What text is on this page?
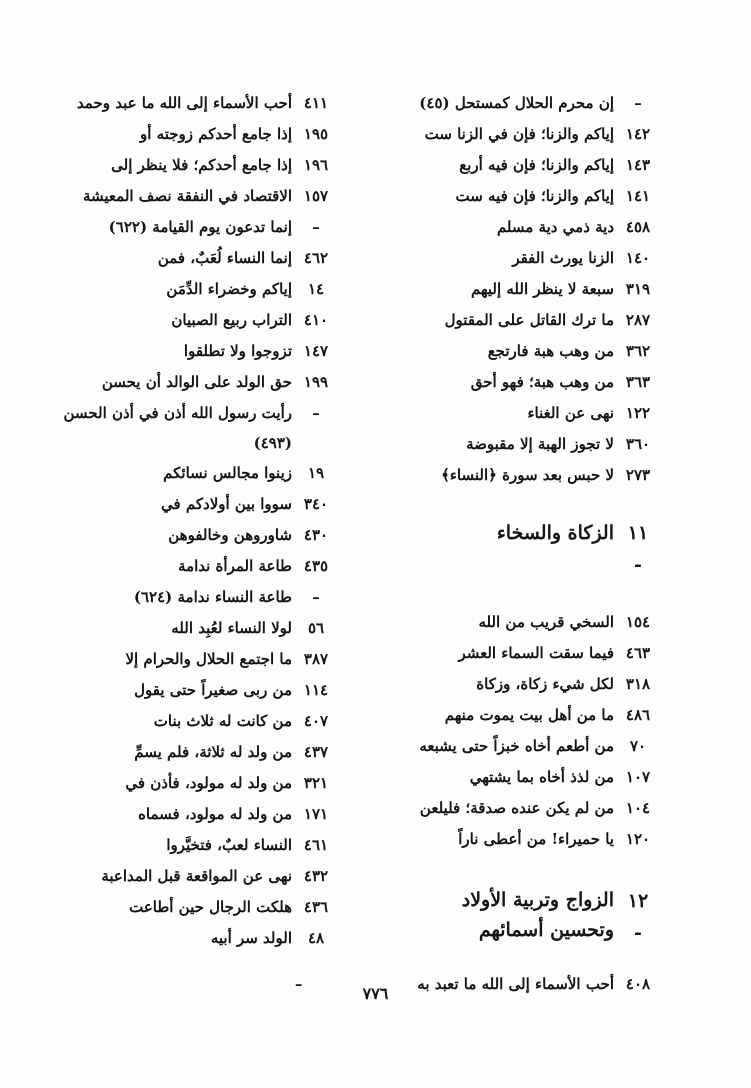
–
إن محرم الحلال كمستحل (٤٥)
١٤٢
إياكم والزنا؛ فإن في الزنا ست
١٤٣
إياكم والزنا؛ فإن فيه أربع
١٤١
إياكم والزنا؛ فإن فيه ست
٤٥٨
دية ذمي دية مسلم
١٤٠
الزنا يورث الفقر
٣١٩
سبعة لا ينظر الله إليهم
٢٨٧
ما ترك القاتل على المقتول
٣٦٢
من وهب هبة فارتجع
٣٦٣
من وهب هبة؛ فهو أحق
١٢٢
نهى عن الغناء
٣٦٠
لا تجوز الهبة إلا مقبوضة
٢٧٣
لا حبس بعد سورة ﴿النساء﴾
١١ -
الزكاة والسخاء
١٥٤
السخي قريب من الله
٤٦٣
فيما سقت السماء العشر
٣١٨
لكل شيء زكاة، وزكاة
٤٨٦
ما من أهل بيت يموت منهم
٧٠
من أطعم أخاه خبزاً حتى يشبعه
١٠٧
من لذذ أخاه بما يشتهي
١٠٤
من لم يكن عنده صدقة؛ فليلعن
١٢٠
يا حميراء! من أعطى ناراً
١٢ -
الزواج وتربية الأولاد وتحسين أسمائهم
٤٠٨
أحب الأسماء إلى الله ما تعبد به
–
٤١١
أحب الأسماء إلى الله ما عبد وحمد
١٩٥
إذا جامع أحدكم زوجته أو
١٩٦
إذا جامع أحدكم؛ فلا ينظر إلى
١٥٧
الاقتصاد في النفقة نصف المعيشة
–
إنما تدعون يوم القيامة (٦٢٢)
٤٦٢
إنما النساء لُعَبٌ، فمن
١٤
إياكم وخضراء الدِّمَن
٤١٠
التراب ربيع الصبيان
١٤٧
تزوجوا ولا تطلقوا
١٩٩
حق الولد على الوالد أن يحسن
–
رأيت رسول الله أذن في أذن الحسن (٤٩٣)
١٩
زينوا مجالس نسائكم
٣٤٠
سووا بين أولادكم في
٤٣٠
شاوروهن وخالفوهن
٤٣٥
طاعة المرأة ندامة
–
طاعة النساء ندامة (٦٢٤)
٥٦
لولا النساء لعُبِد الله
٣٨٧
ما اجتمع الحلال والحرام إلا
١١٤
من ربى صغيراً حتى يقول
٤٠٧
من كانت له ثلاث بنات
٤٣٧
من ولد له ثلاثة، فلم يسمِّ
٣٢١
من ولد له مولود، فأذن في
١٧١
من ولد له مولود، فسماه
٤٦١
النساء لعبٌ، فتخيَّروا
٤٣٢
نهى عن المواقعة قبل المداعبة
٤٣٦
هلكت الرجال حين أطاعت
٤٨
الولد سر أبيه
٧٧٦
